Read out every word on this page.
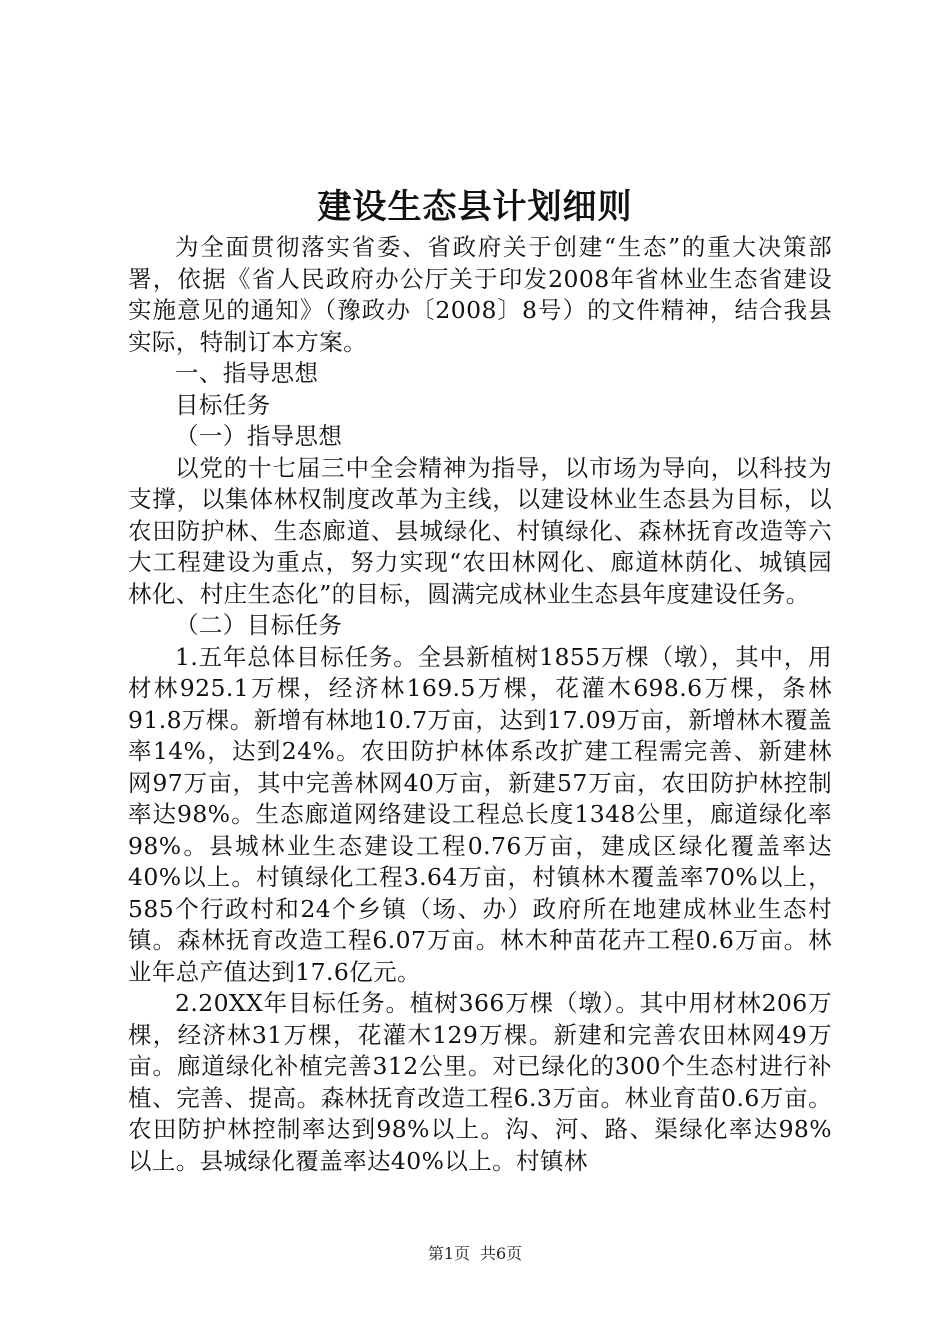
建设生态县计划细则

为全面贯彻落实省委、省政府关于创建“生态”的重大决策部署，依据《省人民政府办公厅关于印发2008年省林业生态省建设实施意见的通知》（豫政办〔2008〕8号）的文件精神，结合我县实际，特制订本方案。

一、指导思想

目标任务

（一）指导思想

以党的十七届三中全会精神为指导，以市场为导向，以科技为支撑，以集体林权制度改革为主线，以建设林业生态县为目标，以农田防护林、生态廊道、县城绿化、村镇绿化、森林抚育改造等六大工程建设为重点，努力实现“农田林网化、廊道林荫化、城镇园林化、村庄生态化”的目标，圆满完成林业生态县年度建设任务。

（二）目标任务

1.五年总体目标任务。全县新植树1855万棵（墩），其中，用材林925.1万棵，经济林169.5万棵，花灌木698.6万棵，条林91.8万棵。新增有林地10.7万亩，达到17.09万亩，新增林木覆盖率14%，达到24%。农田防护林体系改扩建工程需完善、新建林网97万亩，其中完善林网40万亩，新建57万亩，农田防护林控制率达98%。生态廊道网络建设工程总长度1348公里，廊道绿化率98%。县城林业生态建设工程0.76万亩，建成区绿化覆盖率达40%以上。村镇绿化工程3.64万亩，村镇林木覆盖率70%以上，585个行政村和24个乡镇（场、办）政府所在地建成林业生态村镇。森林抚育改造工程6.07万亩。林木种苗花卉工程0.6万亩。林业年总产值达到17.6亿元。

2.20XX年目标任务。植树366万棵（墩）。其中用材林206万棵，经济林31万棵，花灌木129万棵。新建和完善农田林网49万亩。廊道绿化补植完善312公里。对已绿化的300个生态村进行补植、完善、提高。森林抚育改造工程6.3万亩。林业育苗0.6万亩。农田防护林控制率达到98%以上。沟、河、路、渠绿化率达98%以上。县城绿化覆盖率达40%以上。村镇林

第1页 共6页
